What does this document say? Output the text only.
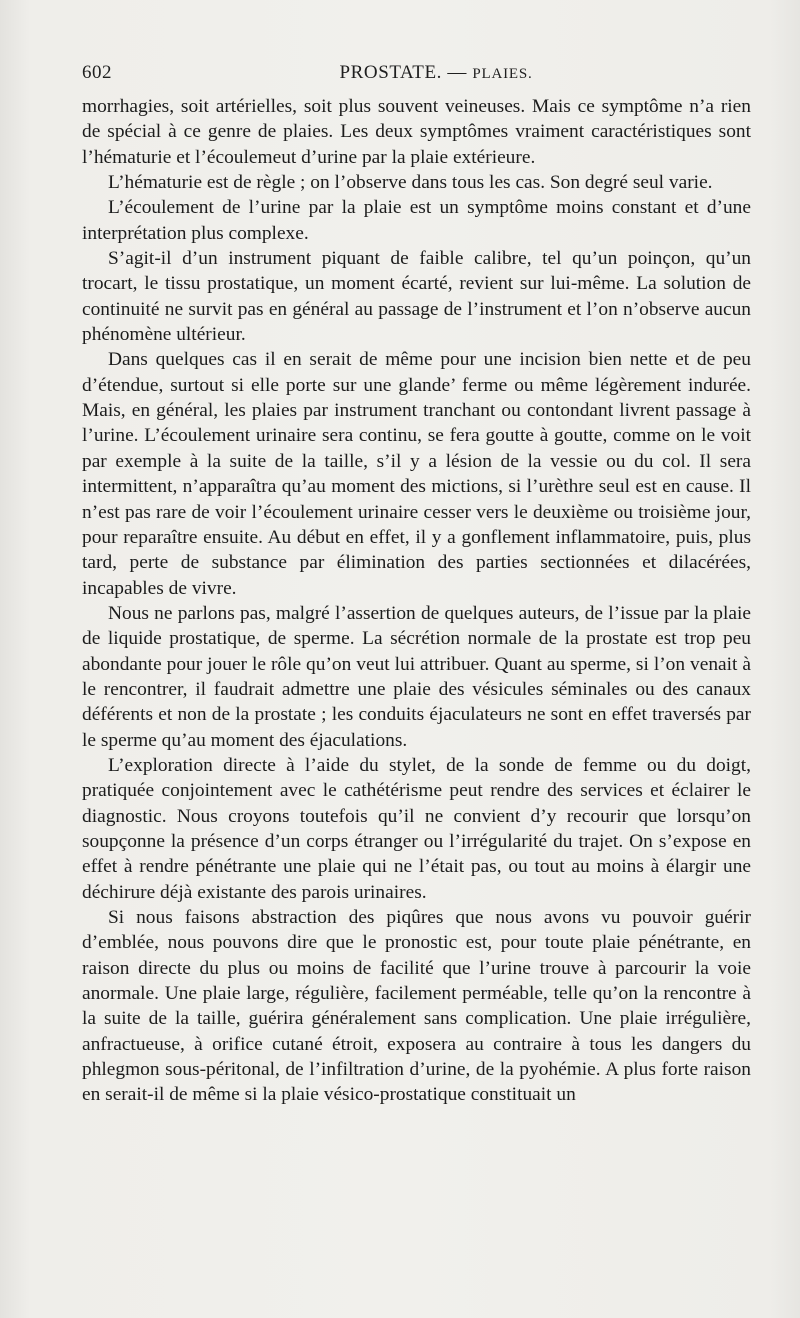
602	PROSTATE. — PLAIES.

morrhagies, soit artérielles, soit plus souvent veineuses. Mais ce symptôme n’a rien de spécial à ce genre de plaies. Les deux symptômes vraiment caractéristiques sont l’hématurie et l’écoulemeut d’urine par la plaie extérieure.

L’hématurie est de règle ; on l’observe dans tous les cas. Son degré seul varie.

L’écoulement de l’urine par la plaie est un symptôme moins constant et d’une interprétation plus complexe.

S’agit-il d’un instrument piquant de faible calibre, tel qu’un poinçon, qu’un trocart, le tissu prostatique, un moment écarté, revient sur lui-même. La solution de continuité ne survit pas en général au passage de l’instrument et l’on n’observe aucun phénomène ultérieur.

Dans quelques cas il en serait de même pour une incision bien nette et de peu d’étendue, surtout si elle porte sur une glande’ ferme ou même légèrement indurée. Mais, en général, les plaies par instrument tranchant ou contondant livrent passage à l’urine. L’écoulement urinaire sera continu, se fera goutte à goutte, comme on le voit par exemple à la suite de la taille, s’il y a lésion de la vessie ou du col. Il sera intermittent, n’apparaîtra qu’au moment des mictions, si l’urèthre seul est en cause. Il n’est pas rare de voir l’écoulement urinaire cesser vers le deuxième ou troisième jour, pour reparaître ensuite. Au début en effet, il y a gonflement inflammatoire, puis, plus tard, perte de substance par élimination des parties sectionnées et dilacérées, incapables de vivre.

Nous ne parlons pas, malgré l’assertion de quelques auteurs, de l’issue par la plaie de liquide prostatique, de sperme. La sécrétion normale de la prostate est trop peu abondante pour jouer le rôle qu’on veut lui attribuer. Quant au sperme, si l’on venait à le rencontrer, il faudrait admettre une plaie des vésicules séminales ou des canaux déférents et non de la prostate ; les conduits éjaculateurs ne sont en effet traversés par le sperme qu’au moment des éjaculations.

L’exploration directe à l’aide du stylet, de la sonde de femme ou du doigt, pratiquée conjointement avec le cathétérisme peut rendre des services et éclairer le diagnostic. Nous croyons toutefois qu’il ne convient d’y recourir que lorsqu’on soupçonne la présence d’un corps étranger ou l’irrégularité du trajet. On s’expose en effet à rendre pénétrante une plaie qui ne l’était pas, ou tout au moins à élargir une déchirure déjà existante des parois urinaires.

Si nous faisons abstraction des piqûres que nous avons vu pouvoir guérir d’emblée, nous pouvons dire que le pronostic est, pour toute plaie pénétrante, en raison directe du plus ou moins de facilité que l’urine trouve à parcourir la voie anormale. Une plaie large, régulière, facilement perméable, telle qu’on la rencontre à la suite de la taille, guérira généralement sans complication. Une plaie irrégulière, anfractueuse, à orifice cutané étroit, exposera au contraire à tous les dangers du phlegmon sous-péritonal, de l’infiltration d’urine, de la pyohémie. A plus forte raison en serait-il de même si la plaie vésico-prostatique constituait un
